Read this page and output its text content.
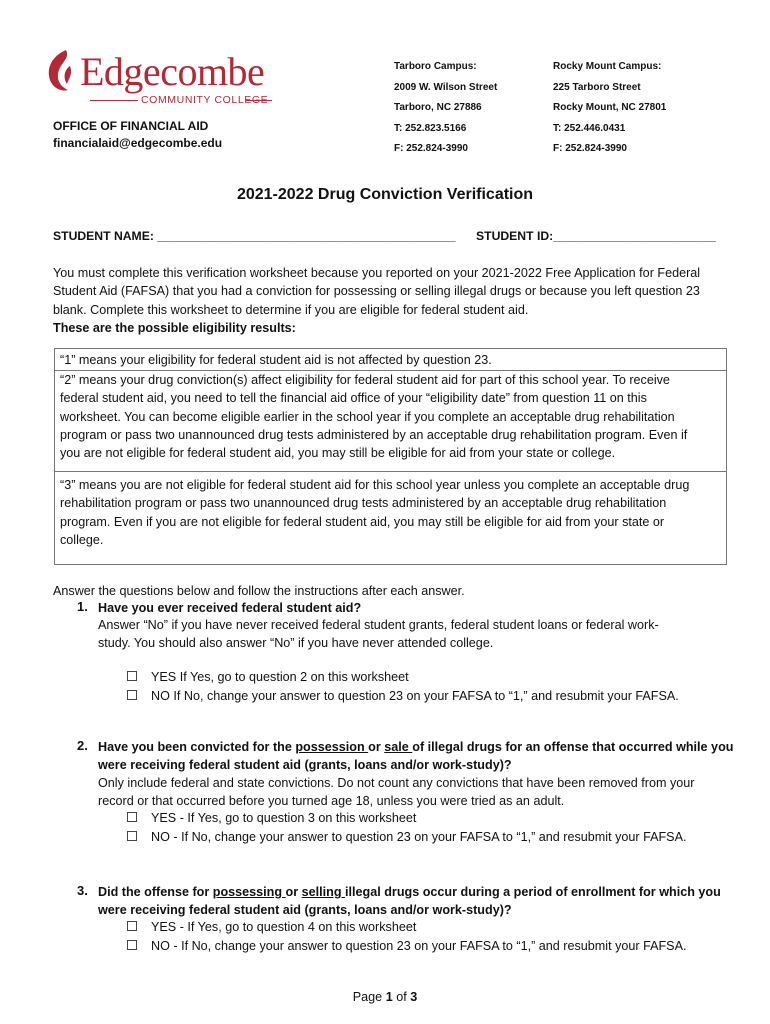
Edgecombe
COMMUNITY COLLEGE
OFFICE OF FINANCIAL AID
financialaid@edgecombe.edu
Tarboro Campus:
2009 W. Wilson Street
Tarboro, NC 27886
T: 252.823.5166
F: 252.824-3990
Rocky Mount Campus:
225 Tarboro Street
Rocky Mount, NC 27801
T: 252.446.0431
F: 252.824-3990
2021-2022 Drug Conviction Verification
STUDENT NAME: ____________________________________________ STUDENT ID:________________________
You must complete this verification worksheet because you reported on your 2021-2022 Free Application for Federal
Student Aid (FAFSA) that you had a conviction for possessing or selling illegal drugs or because you left question 23
blank. Complete this worksheet to determine if you are eligible for federal student aid.
These are the possible eligibility results:
“1” means your eligibility for federal student aid is not affected by question 23.
“2” means your drug conviction(s) affect eligibility for federal student aid for part of this school year. To receive
federal student aid, you need to tell the financial aid office of your “eligibility date” from question 11 on this
worksheet. You can become eligible earlier in the school year if you complete an acceptable drug rehabilitation
program or pass two unannounced drug tests administered by an acceptable drug rehabilitation program. Even if
you are not eligible for federal student aid, you may still be eligible for aid from your state or college.
“3” means you are not eligible for federal student aid for this school year unless you complete an acceptable drug
rehabilitation program or pass two unannounced drug tests administered by an acceptable drug rehabilitation
program. Even if you are not eligible for federal student aid, you may still be eligible for aid from your state or
college.
Answer the questions below and follow the instructions after each answer.
1. Have you ever received federal student aid?
Answer “No” if you have never received federal student grants, federal student loans or federal work-
study. You should also answer “No” if you have never attended college.
YES If Yes, go to question 2 on this worksheet
NO If No, change your answer to question 23 on your FAFSA to “1,” and resubmit your FAFSA.
2. Have you been convicted for the possession or sale of illegal drugs for an offense that occurred while you
were receiving federal student aid (grants, loans and/or work-study)?
Only include federal and state convictions. Do not count any convictions that have been removed from your
record or that occurred before you turned age 18, unless you were tried as an adult.
YES - If Yes, go to question 3 on this worksheet
NO - If No, change your answer to question 23 on your FAFSA to “1,” and resubmit your FAFSA.
3. Did the offense for possessing or selling illegal drugs occur during a period of enrollment for which you
were receiving federal student aid (grants, loans and/or work-study)?
YES - If Yes, go to question 4 on this worksheet
NO - If No, change your answer to question 23 on your FAFSA to “1,” and resubmit your FAFSA.
Page 1 of 3
